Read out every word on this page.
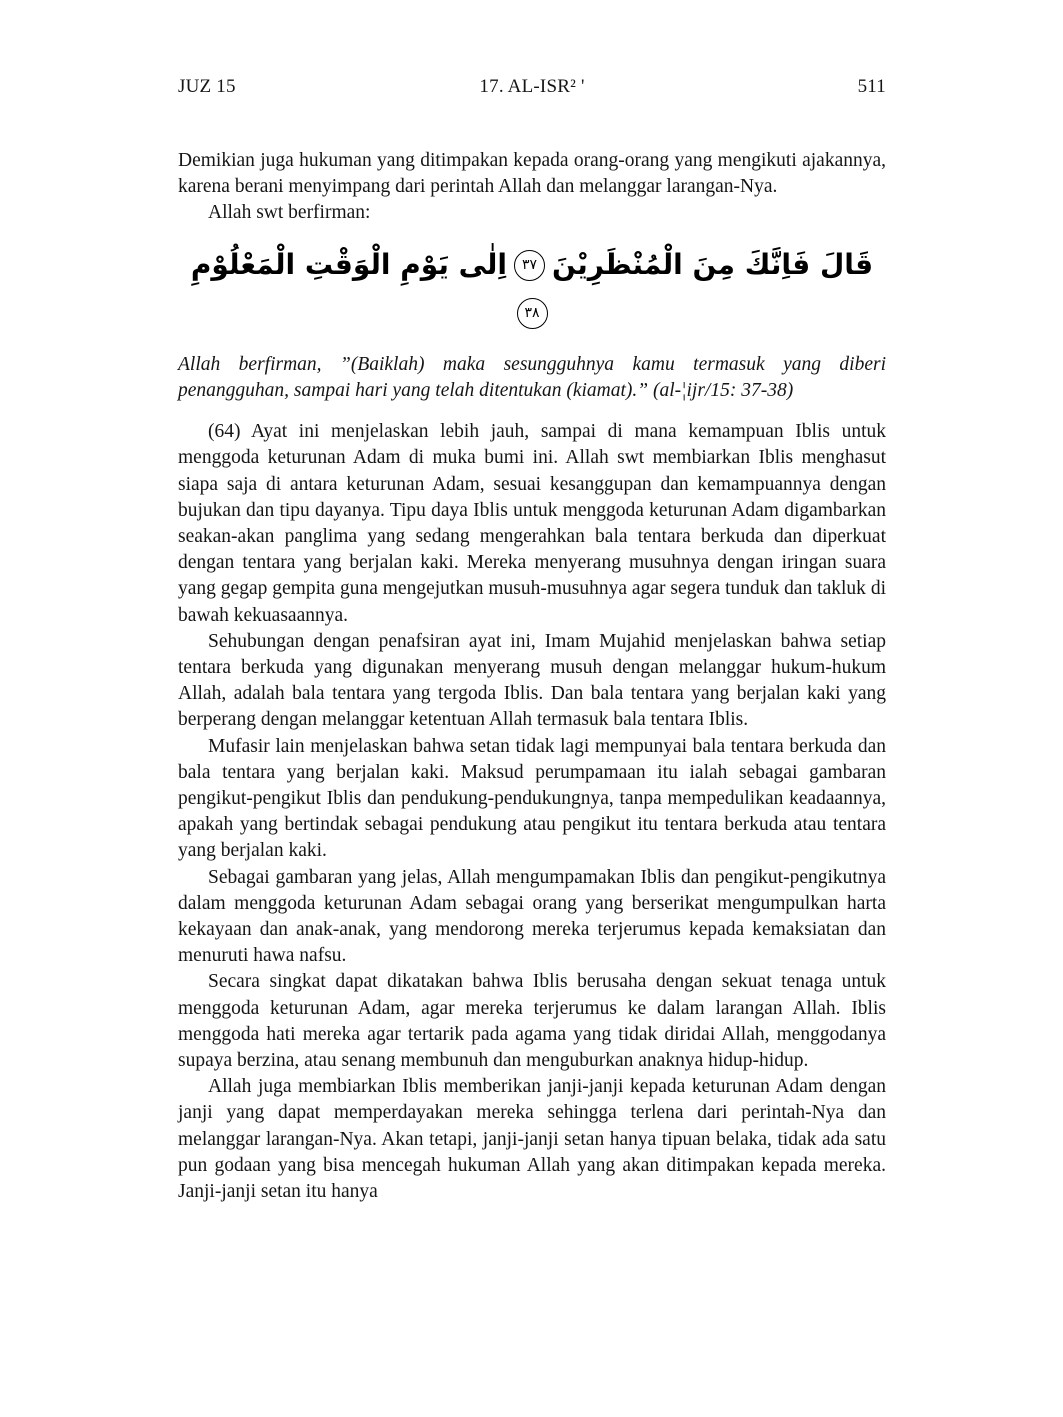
JUZ 15	17. AL-ISR² '	511

Demikian juga hukuman yang ditimpakan kepada orang-orang yang mengikuti ajakannya, karena berani menyimpang dari perintah Allah dan melanggar larangan-Nya.

Allah swt berfirman:

قَالَ فَاِنَّكَ مِنَ الْمُنْظَرِيْنَ٣٧اِلٰى يَوْمِ الْوَقْتِ الْمَعْلُوْمِ٣٨

Allah berfirman, ”(Baiklah) maka sesungguhnya kamu termasuk yang diberi penangguhan, sampai hari yang telah ditentukan (kiamat).” (al-¦ijr/15: 37-38)

(64) Ayat ini menjelaskan lebih jauh, sampai di mana kemampuan Iblis untuk menggoda keturunan Adam di muka bumi ini. Allah swt membiarkan Iblis menghasut siapa saja di antara keturunan Adam, sesuai kesanggupan dan kemampuannya dengan bujukan dan tipu dayanya. Tipu daya Iblis untuk menggoda keturunan Adam digambarkan seakan-akan panglima yang sedang mengerahkan bala tentara berkuda dan diperkuat dengan tentara yang berjalan kaki. Mereka menyerang musuhnya dengan iringan suara yang gegap gempita guna mengejutkan musuh-musuhnya agar segera tunduk dan takluk di bawah kekuasaannya.

Sehubungan dengan penafsiran ayat ini, Imam Mujahid menjelaskan bahwa setiap tentara berkuda yang digunakan menyerang musuh dengan melanggar hukum-hukum Allah, adalah bala tentara yang tergoda Iblis. Dan bala tentara yang berjalan kaki yang berperang dengan melanggar ketentuan Allah termasuk bala tentara Iblis.

Mufasir lain menjelaskan bahwa setan tidak lagi mempunyai bala tentara berkuda dan bala tentara yang berjalan kaki. Maksud perumpamaan itu ialah sebagai gambaran pengikut-pengikut Iblis dan pendukung-pendukungnya, tanpa mempedulikan keadaannya, apakah yang bertindak sebagai pendukung atau pengikut itu tentara berkuda atau tentara yang berjalan kaki.

Sebagai gambaran yang jelas, Allah mengumpamakan Iblis dan pengikut-pengikutnya dalam menggoda keturunan Adam sebagai orang yang berserikat mengumpulkan harta kekayaan dan anak-anak, yang mendorong mereka terjerumus kepada kemaksiatan dan menuruti hawa nafsu.

Secara singkat dapat dikatakan bahwa Iblis berusaha dengan sekuat tenaga untuk menggoda keturunan Adam, agar mereka terjerumus ke dalam larangan Allah. Iblis menggoda hati mereka agar tertarik pada agama yang tidak diridai Allah, menggodanya supaya berzina, atau senang membunuh dan menguburkan anaknya hidup-hidup.

Allah juga membiarkan Iblis memberikan janji-janji kepada keturunan Adam dengan janji yang dapat memperdayakan mereka sehingga terlena dari perintah-Nya dan melanggar larangan-Nya. Akan tetapi, janji-janji setan hanya tipuan belaka, tidak ada satu pun godaan yang bisa mencegah hukuman Allah yang akan ditimpakan kepada mereka. Janji-janji setan itu hanya
